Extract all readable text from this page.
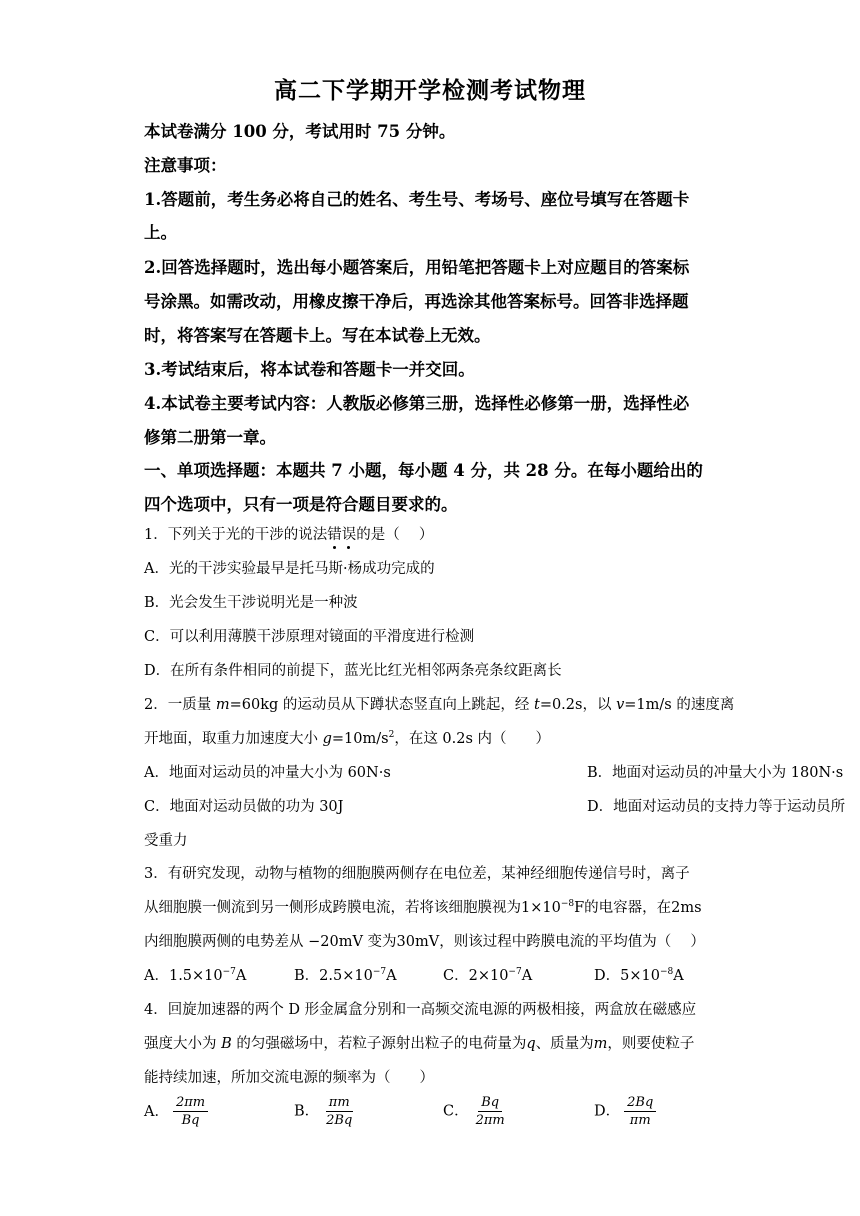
高二下学期开学检测考试物理
本试卷满分 100 分，考试用时 75 分钟。
注意事项：
1.答题前，考生务必将自己的姓名、考生号、考场号、座位号填写在答题卡
上。
2.回答选择题时，选出每小题答案后，用铅笔把答题卡上对应题目的答案标
号涂黑。如需改动，用橡皮擦干净后，再选涂其他答案标号。回答非选择题
时，将答案写在答题卡上。写在本试卷上无效。
3.考试结束后，将本试卷和答题卡一并交回。
4.本试卷主要考试内容：人教版必修第三册，选择性必修第一册，选择性必
修第二册第一章。
一、单项选择题：本题共 7 小题，每小题 4 分，共 28 分。在每小题给出的
四个选项中，只有一项是符合题目要求的。
1．下列关于光的干涉的说法错误的是（　 ）
A．光的干涉实验最早是托马斯·杨成功完成的
B．光会发生干涉说明光是一种波
C．可以利用薄膜干涉原理对镜面的平滑度进行检测
D．在所有条件相同的前提下，蓝光比红光相邻两条亮条纹距离长
2．一质量 m=60kg 的运动员从下蹲状态竖直向上跳起，经 t=0.2s，以 v=1m/s 的速度离
开地面，取重力加速度大小 $g=10m/s^2$，在这 0.2s 内（　　）
A．地面对运动员的冲量大小为 60N·s	B．地面对运动员的冲量大小为 180N·s
C．地面对运动员做的功为 30J	D．地面对运动员的支持力等于运动员所
受重力
3．有研究发现，动物与植物的细胞膜两侧存在电位差，某神经细胞传递信号时，离子
从细胞膜一侧流到另一侧形成跨膜电流，若将该细胞膜视为$1\times 10^{-8}F$的电容器，在2ms
内细胞膜两侧的电势差从 −20mV 变为30mV，则该过程中跨膜电流的平均值为（　 ）
A．$1.5\times 10^{-7}A$	B．$2.5\times 10^{-7}A$	C．$2\times 10^{-7}A$	D．$5\times 10^{-8}A$
4．回旋加速器的两个 D 形金属盒分别和一高频交流电源的两极相接，两盒放在磁感应
强度大小为 B 的匀强磁场中，若粒子源射出粒子的电荷量为q、质量为m，则要使粒子
能持续加速，所加交流电源的频率为（　　）
A． $\frac{2\pi m}{Bq}$	B． $\frac{\pi m}{2Bq}$	C． $\frac{Bq}{2\pi m}$	D． $\frac{2Bq}{\pi m}$
